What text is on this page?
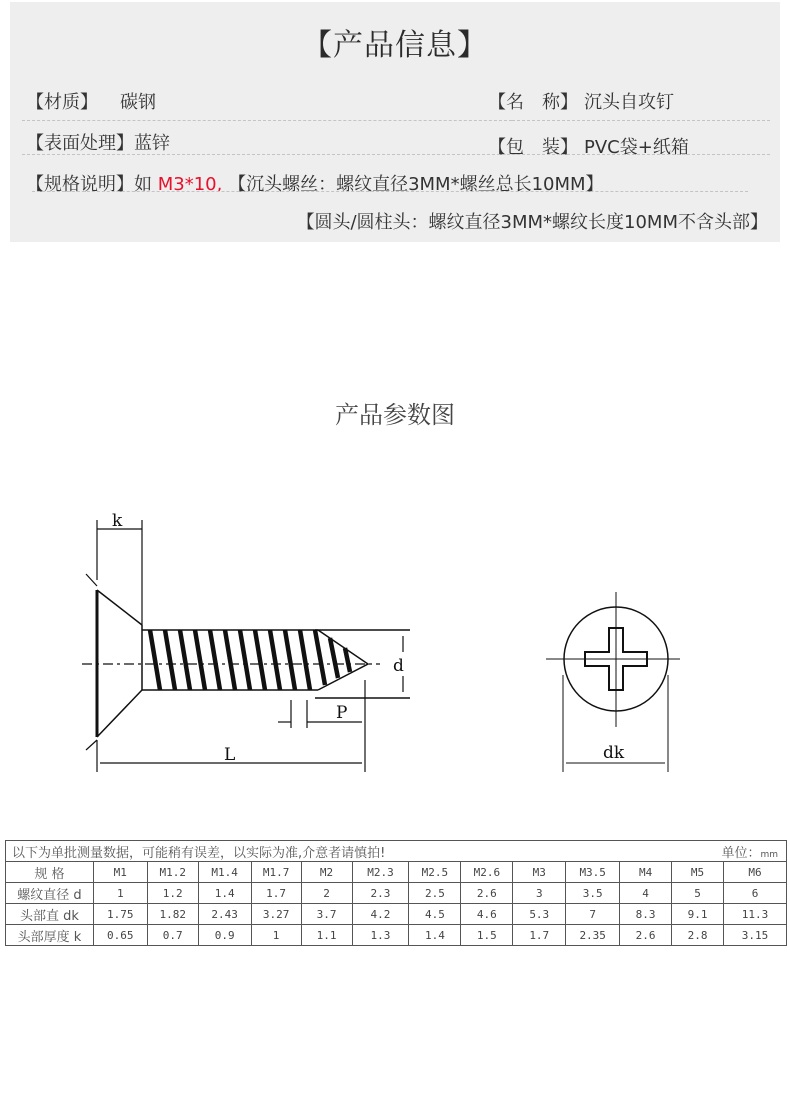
【产品信息】
【材质】 碳钢	【名　称】 沉头自攻钉
【表面处理】蓝锌	【包　装】 PVC袋+纸箱
【规格说明】如 M3*10, 【沉头螺丝：螺纹直径3MM*螺丝总长10MM】
【圆头/圆柱头：螺纹直径3MM*螺纹长度10MM不含头部】
产品参数图
k
d
P
L	dk
以下为单批测量数据，可能稍有误差，以实际为准,介意者请慎拍! 单位：mm													

规 格	M1	M1.2	M1.4	M1.7	M2	M2.3	M2.5	M2.6	M3	M3.5	M4	M5	M6
螺纹直径 d	1	1.2	1.4	1.7	2	2.3	2.5	2.6	3	3.5	4	5	6
头部直 dk	1.75	1.82	2.43	3.27	3.7	4.2	4.5	4.6	5.3	7	8.3	9.1	11.3
头部厚度 k	0.65	0.7	0.9	1	1.1	1.3	1.4	1.5	1.7	2.35	2.6	2.8	3.15
